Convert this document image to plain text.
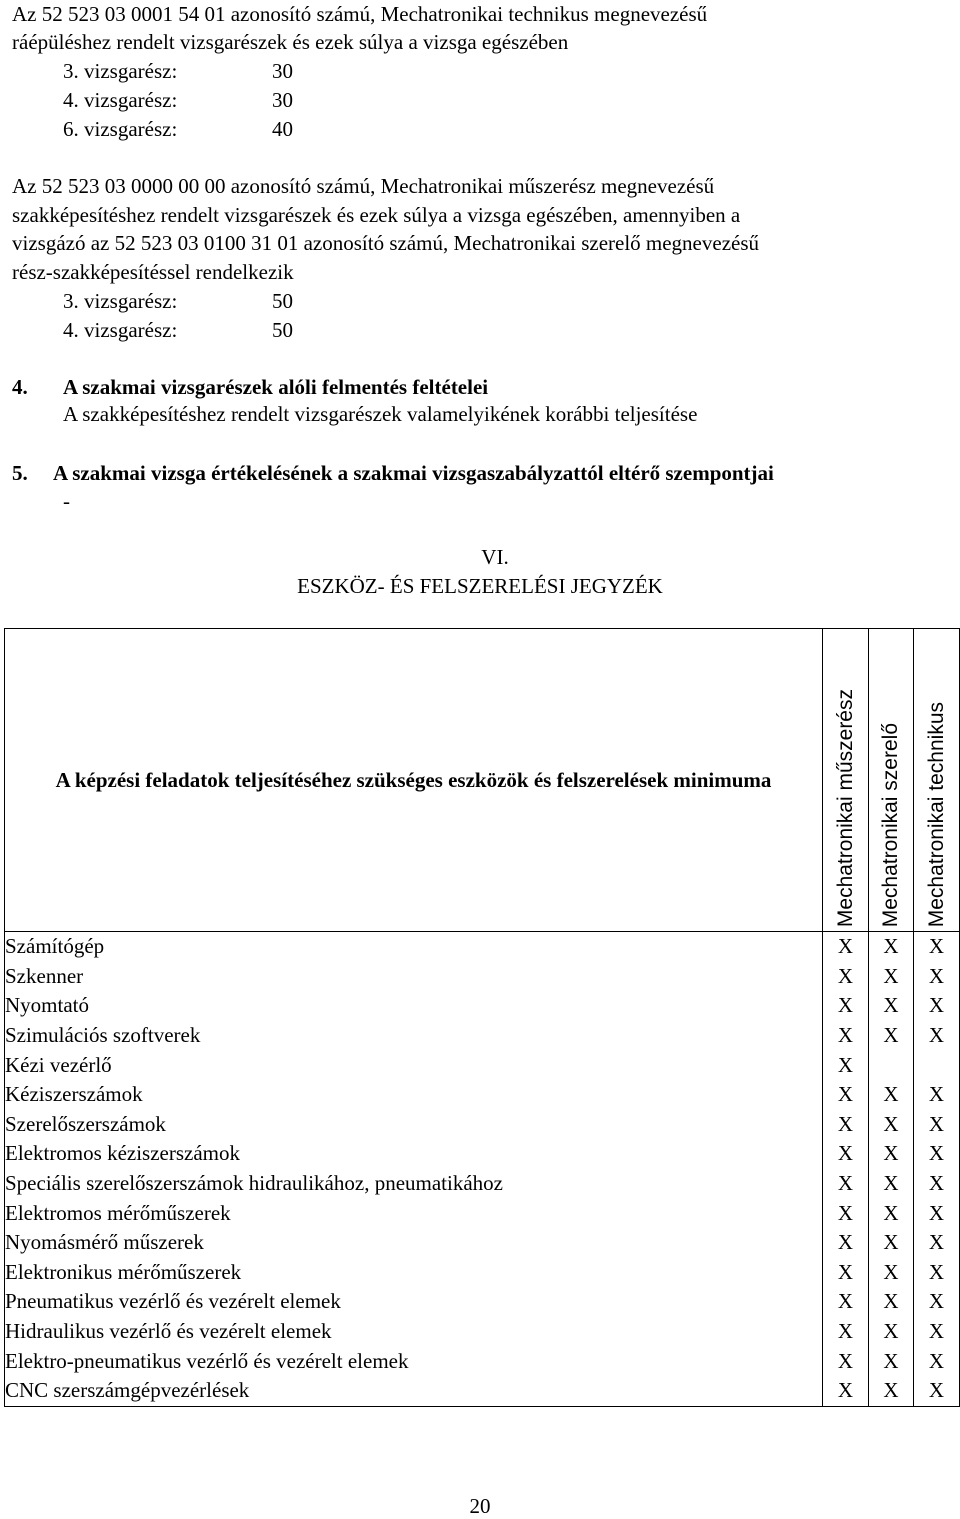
Az 52 523 03 0001 54 01 azonosító számú, Mechatronikai technikus megnevezésű
ráépüléshez rendelt vizsgarészek és ezek súlya a vizsga egészében
3. vizsgarész:	30
4. vizsgarész:	30
6. vizsgarész:	40
Az 52 523 03 0000 00 00 azonosító számú, Mechatronikai műszerész megnevezésű
szakképesítéshez rendelt vizsgarészek és ezek súlya a vizsga egészében, amennyiben a
vizsgázó az 52 523 03 0100 31 01 azonosító számú, Mechatronikai szerelő megnevezésű
rész-szakképesítéssel rendelkezik
3. vizsgarész:	50
4. vizsgarész:	50
4. A szakmai vizsgarészek alóli felmentés feltételei
A szakképesítéshez rendelt vizsgarészek valamelyikének korábbi teljesítése
5. A szakmai vizsga értékelésének a szakmai vizsgaszabályzattól eltérő szempontjai
-
VI.
ESZKÖZ- ÉS FELSZERELÉSI JEGYZÉK
A képzési feladatok teljesítéséhez szükséges eszközök és felszerelések minimuma	Mechatronikai műszerész	Mechatronikai szerelő	Mechatronikai technikus

Számítógép	X	X	X
Szkenner	X	X	X
Nyomtató	X	X	X
Szimulációs szoftverek	X	X	X
Kézi vezérlő	X		
Kéziszerszámok	X	X	X
Szerelőszerszámok	X	X	X
Elektromos kéziszerszámok	X	X	X
Speciális szerelőszerszámok hidraulikához, pneumatikához	X	X	X
Elektromos mérőműszerek	X	X	X
Nyomásmérő műszerek	X	X	X
Elektronikus mérőműszerek	X	X	X
Pneumatikus vezérlő és vezérelt elemek	X	X	X
Hidraulikus vezérlő és vezérelt elemek	X	X	X
Elektro-pneumatikus vezérlő és vezérelt elemek	X	X	X
CNC szerszámgépvezérlések	X	X	X
20
